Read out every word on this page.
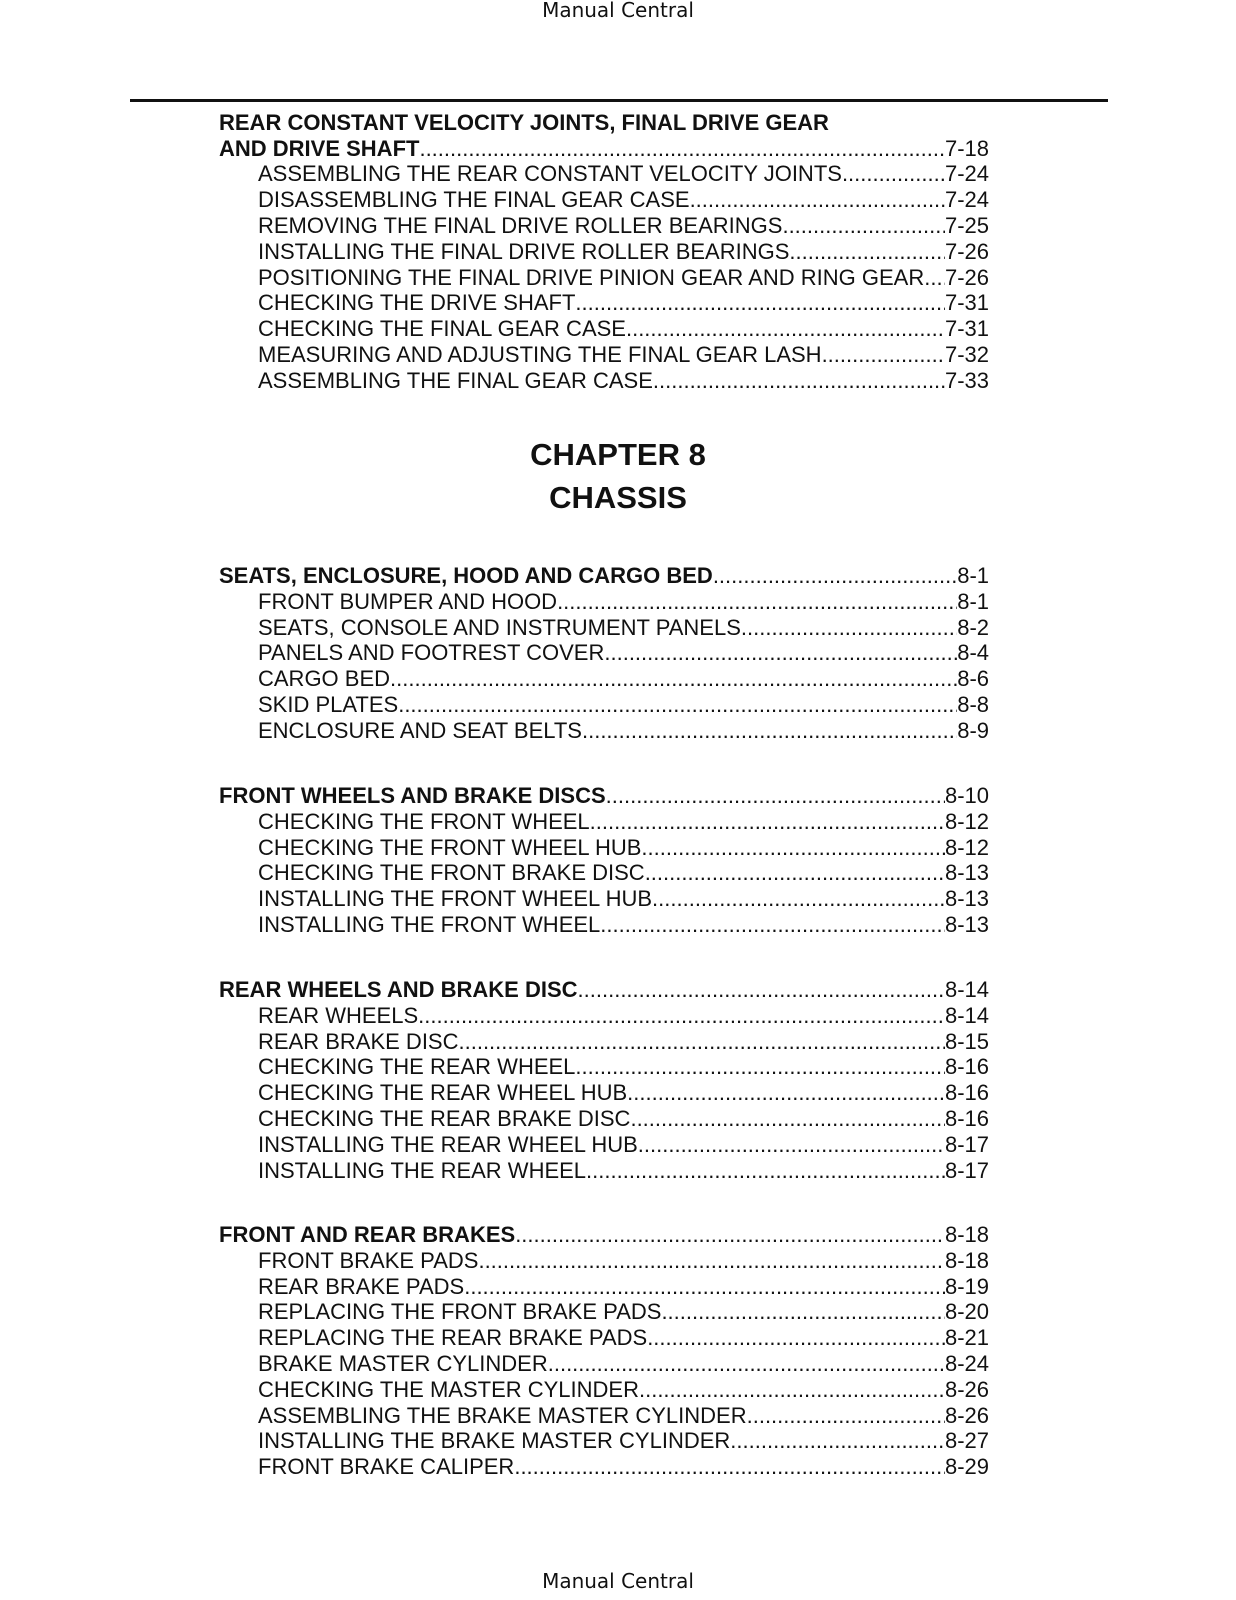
Manual Central
REAR CONSTANT VELOCITY JOINTS, FINAL DRIVE GEAR
AND DRIVE SHAFT .....	7-18
ASSEMBLING THE REAR CONSTANT VELOCITY JOINTS .....	7-24
DISASSEMBLING THE FINAL GEAR CASE .....	7-24
REMOVING THE FINAL DRIVE ROLLER BEARINGS .....	7-25
INSTALLING THE FINAL DRIVE ROLLER BEARINGS .....	7-26
POSITIONING THE FINAL DRIVE PINION GEAR AND RING GEAR ..... 7-26
CHECKING THE DRIVE SHAFT .....	7-31
CHECKING THE FINAL GEAR CASE .....	7-31
MEASURING AND ADJUSTING THE FINAL GEAR LASH .....	7-32
ASSEMBLING THE FINAL GEAR CASE .....	7-33
SEATS, ENCLOSURE, HOOD AND CARGO BED .....	8-1
FRONT BUMPER AND HOOD .....	8-1
SEATS, CONSOLE AND INSTRUMENT PANELS .....	8-2
PANELS AND FOOTREST COVER .....	8-4
CARGO BED .....	8-6
SKID PLATES .....	8-8
ENCLOSURE AND SEAT BELTS .....	8-9
FRONT WHEELS AND BRAKE DISCS .....	8-10
CHECKING THE FRONT WHEEL .....	8-12
CHECKING THE FRONT WHEEL HUB .....	8-12
CHECKING THE FRONT BRAKE DISC .....	8-13
INSTALLING THE FRONT WHEEL HUB .....	8-13
INSTALLING THE FRONT WHEEL .....	8-13
REAR WHEELS AND BRAKE DISC .....	8-14
REAR WHEELS .....	8-14
REAR BRAKE DISC .....	8-15
CHECKING THE REAR WHEEL .....	8-16
CHECKING THE REAR WHEEL HUB .....	8-16
CHECKING THE REAR BRAKE DISC .....	8-16
INSTALLING THE REAR WHEEL HUB .....	8-17
INSTALLING THE REAR WHEEL .....	8-17
FRONT AND REAR BRAKES .....	8-18
FRONT BRAKE PADS .....	8-18
REAR BRAKE PADS .....	8-19
REPLACING THE FRONT BRAKE PADS .....	8-20
REPLACING THE REAR BRAKE PADS .....	8-21
BRAKE MASTER CYLINDER .....	8-24
CHECKING THE MASTER CYLINDER .....	8-26
ASSEMBLING THE BRAKE MASTER CYLINDER .....	8-26
INSTALLING THE BRAKE MASTER CYLINDER .....	8-27
FRONT BRAKE CALIPER .....	8-29
CHAPTER 8
CHASSIS
Manual Central
